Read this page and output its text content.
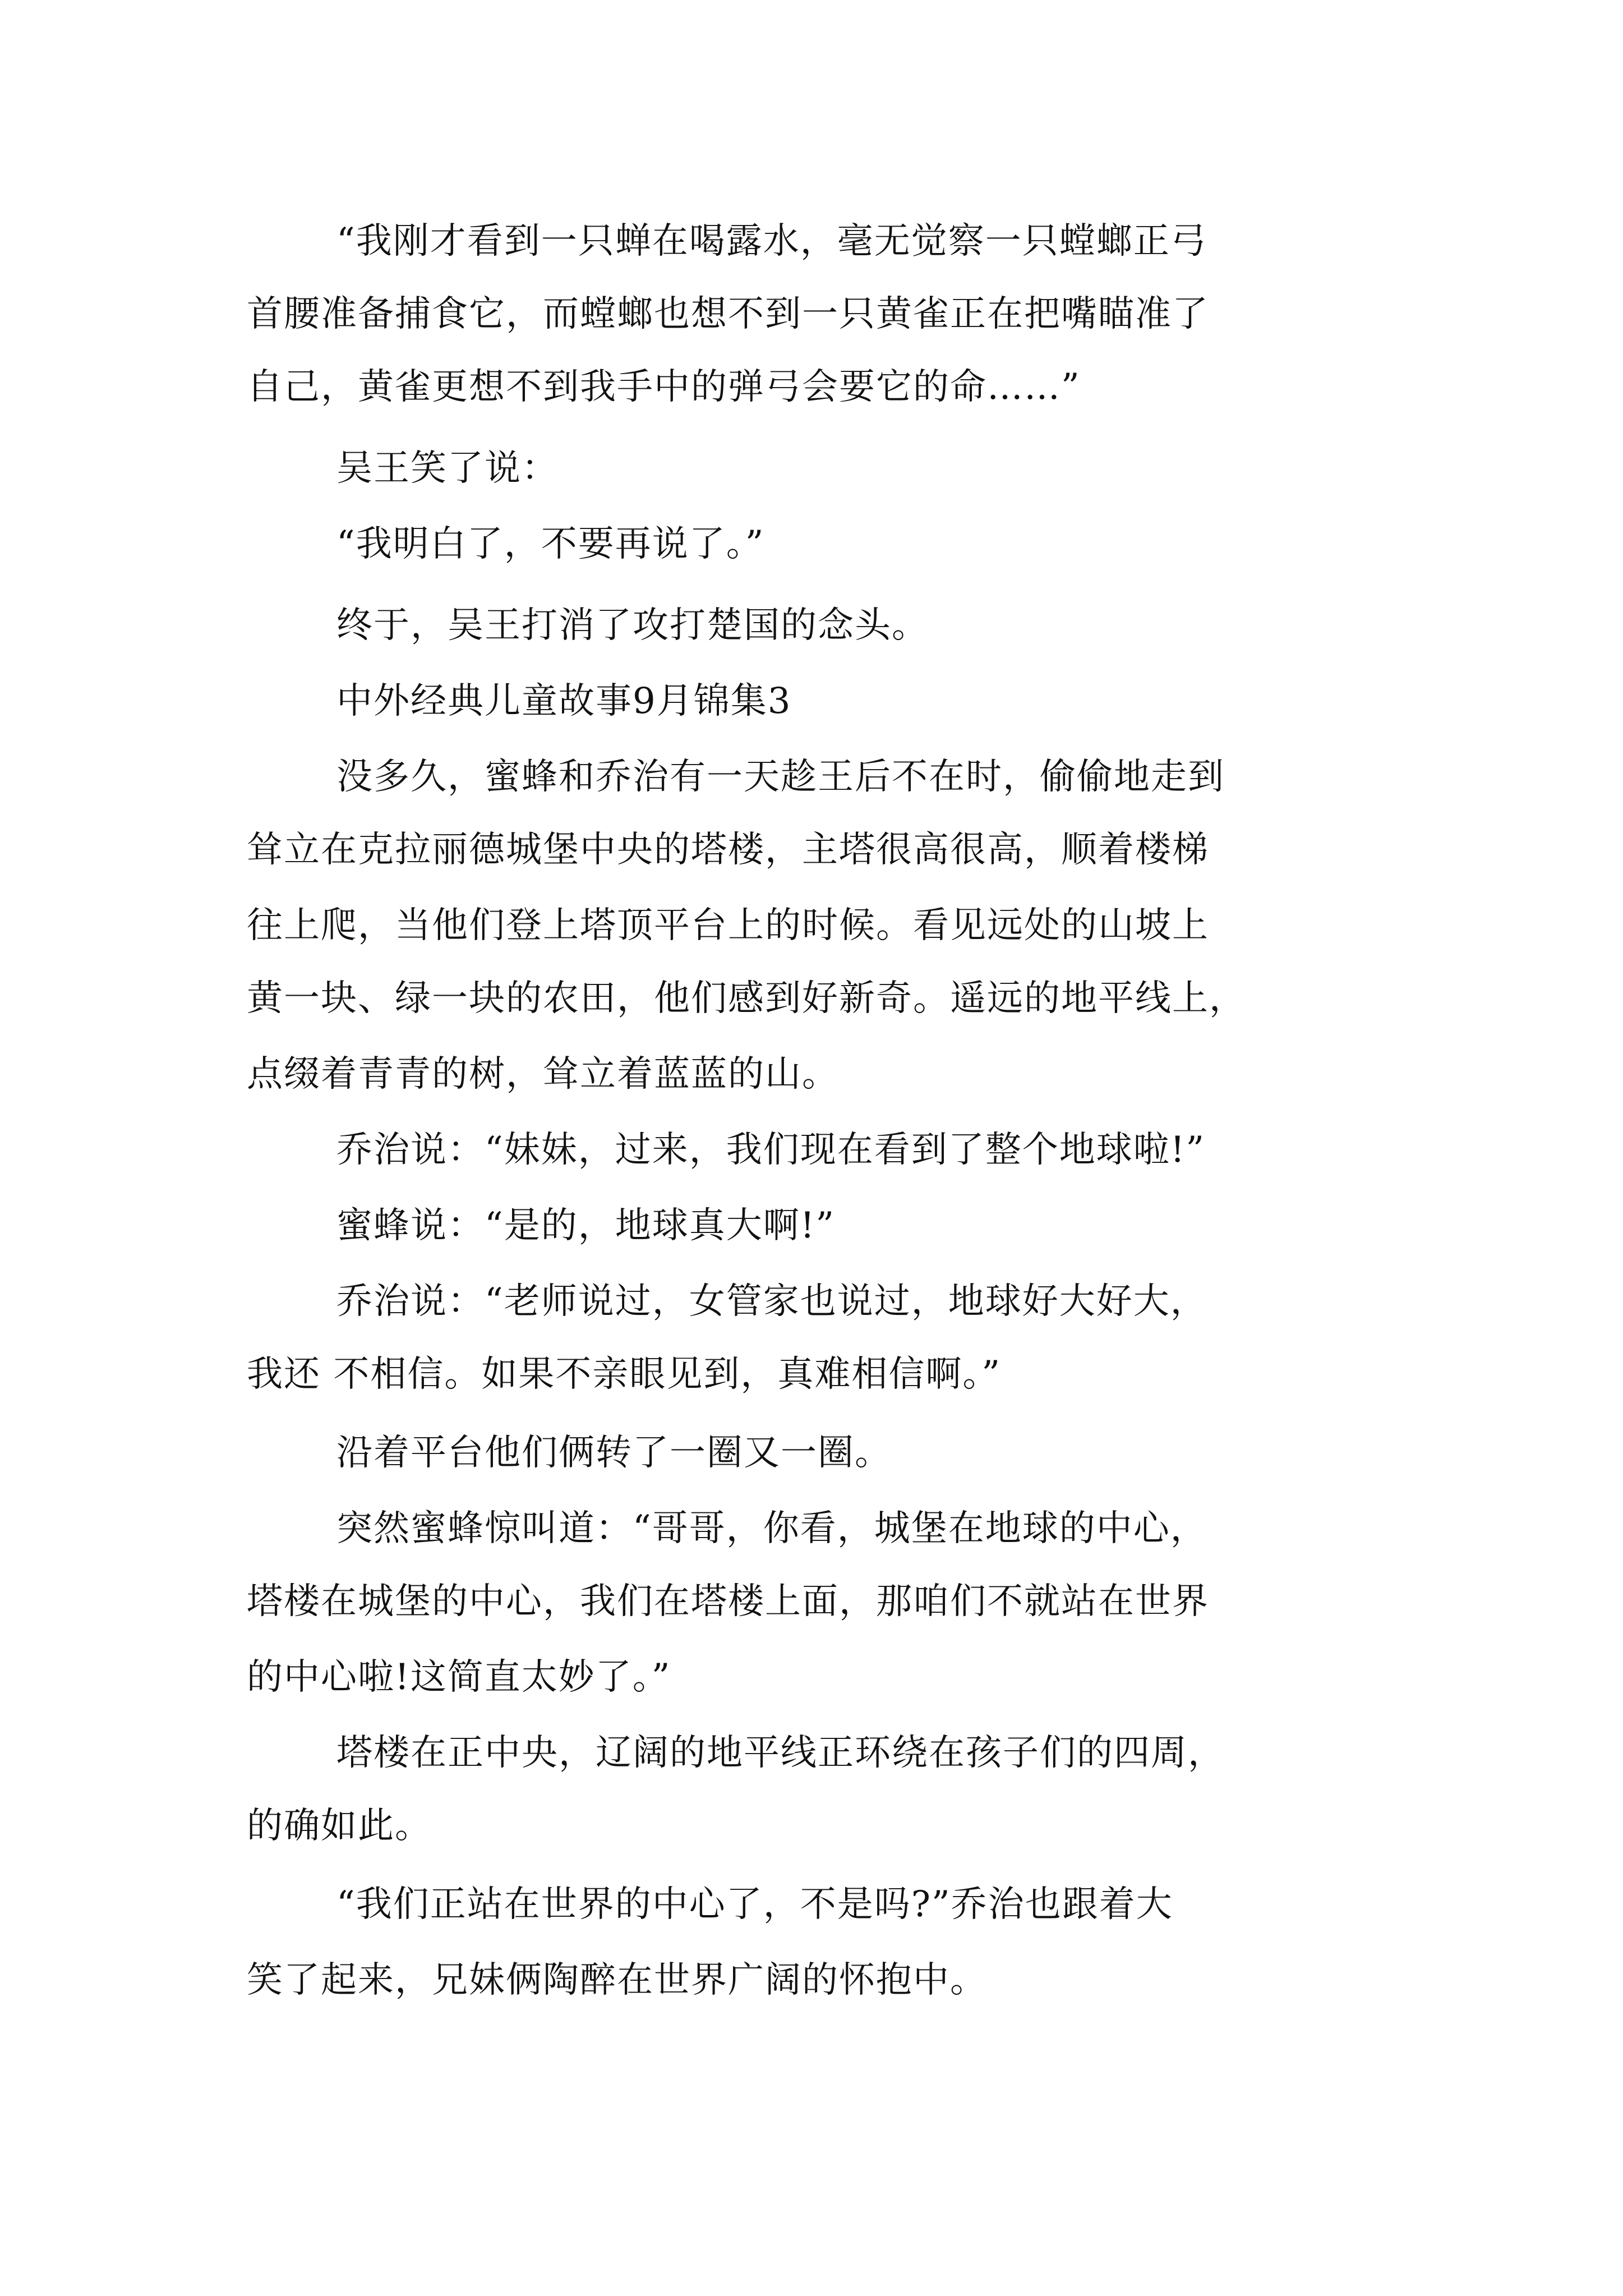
“我刚才看到一只蝉在喝露水，毫无觉察一只螳螂正弓
首腰准备捕食它，而螳螂也想不到一只黄雀正在把嘴瞄准了
自己，黄雀更想不到我手中的弹弓会要它的命……”
吴王笑了说：
“我明白了，不要再说了。”
终于，吴王打消了攻打楚国的念头。
中外经典儿童故事9月锦集3
没多久，蜜蜂和乔治有一天趁王后不在时，偷偷地走到
耸立在克拉丽德城堡中央的塔楼，主塔很高很高，顺着楼梯
往上爬，当他们登上塔顶平台上的时候。看见远处的山坡上
黄一块、绿一块的农田，他们感到好新奇。遥远的地平线上，
点缀着青青的树，耸立着蓝蓝的山。
乔治说：“妹妹，过来，我们现在看到了整个地球啦!”
蜜蜂说：“是的，地球真大啊!”
乔治说：“老师说过，女管家也说过，地球好大好大，
我还 不相信。如果不亲眼见到，真难相信啊。”
沿着平台他们俩转了一圈又一圈。
突然蜜蜂惊叫道：“哥哥，你看，城堡在地球的中心，
塔楼在城堡的中心，我们在塔楼上面，那咱们不就站在世界
的中心啦!这简直太妙了。”
塔楼在正中央，辽阔的地平线正环绕在孩子们的四周，
的确如此。
“我们正站在世界的中心了，不是吗?”乔治也跟着大
笑了起来，兄妹俩陶醉在世界广阔的怀抱中。
